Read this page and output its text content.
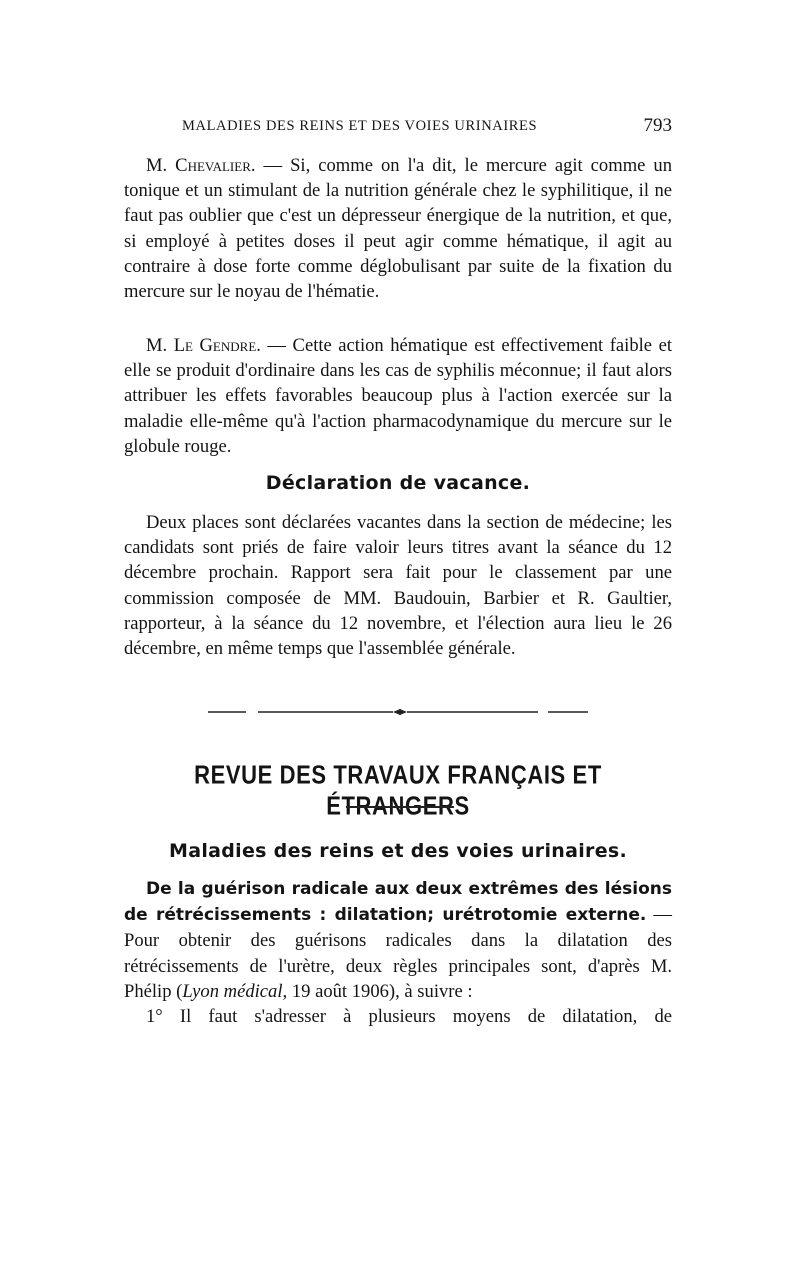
MALADIES DES REINS ET DES VOIES URINAIRES	793
M. Chevalier. — Si, comme on l'a dit, le mercure agit comme un tonique et un stimulant de la nutrition générale chez le syphilitique, il ne faut pas oublier que c'est un dépresseur énergique de la nutrition, et que, si employé à petites doses il peut agir comme hématique, il agit au contraire à dose forte comme déglobulisant par suite de la fixation du mercure sur le noyau de l'hématie.
M. Le Gendre. — Cette action hématique est effectivement faible et elle se produit d'ordinaire dans les cas de syphilis méconnue; il faut alors attribuer les effets favorables beaucoup plus à l'action exercée sur la maladie elle-même qu'à l'action pharmacodynamique du mercure sur le globule rouge.
Déclaration de vacance.
Deux places sont déclarées vacantes dans la section de médecine; les candidats sont priés de faire valoir leurs titres avant la séance du 12 décembre prochain. Rapport sera fait pour le classement par une commission composée de MM. Baudouin, Barbier et R. Gaultier, rapporteur, à la séance du 12 novembre, et l'élection aura lieu le 26 décembre, en même temps que l'assemblée générale.
REVUE DES TRAVAUX FRANÇAIS ET ÉTRANGERS
Maladies des reins et des voies urinaires.
De la guérison radicale aux deux extrêmes des lésions de rétrécissements : dilatation; urétrotomie externe. — Pour obtenir des guérisons radicales dans la dilatation des rétrécissements de l'urètre, deux règles principales sont, d'après M. Phélip (Lyon médical, 19 août 1906), à suivre :
1° Il faut s'adresser à plusieurs moyens de dilatation, de
